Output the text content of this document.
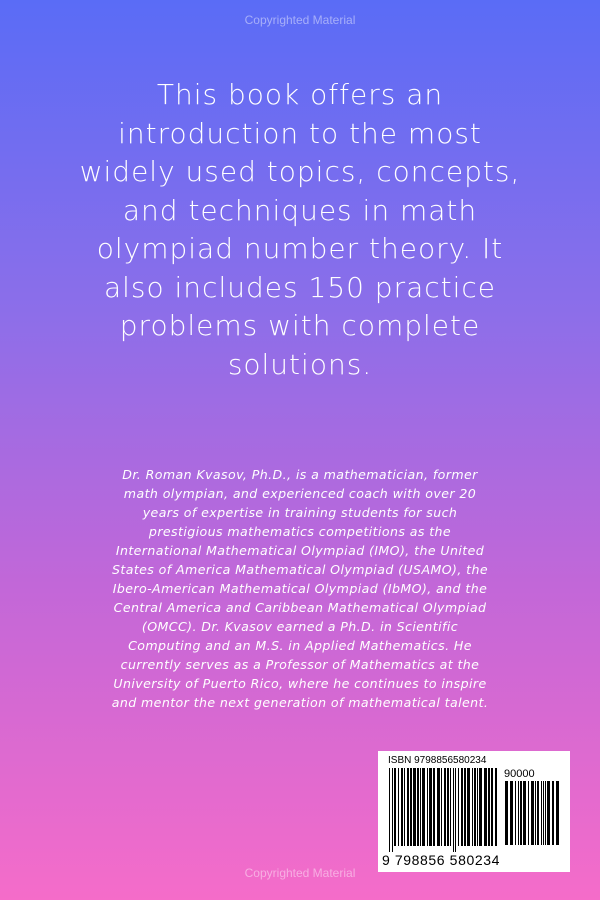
Copyrighted Material
This book offers an
introduction to the most
widely used topics, concepts,
and techniques in math
olympiad number theory. It
also includes 150 practice
problems with complete
solutions.
Dr. Roman Kvasov, Ph.D., is a mathematician, former
math olympian, and experienced coach with over 20
years of expertise in training students for such
prestigious mathematics competitions as the
International Mathematical Olympiad (IMO), the United
States of America Mathematical Olympiad (USAMO), the
Ibero-American Mathematical Olympiad (IbMO), and the
Central America and Caribbean Mathematical Olympiad
(OMCC). Dr. Kvasov earned a Ph.D. in Scientific
Computing and an M.S. in Applied Mathematics. He
currently serves as a Professor of Mathematics at the
University of Puerto Rico, where he continues to inspire
and mentor the next generation of mathematical talent.
ISBN 9798856580234
90000
9 798856 580234
Copyrighted Material
